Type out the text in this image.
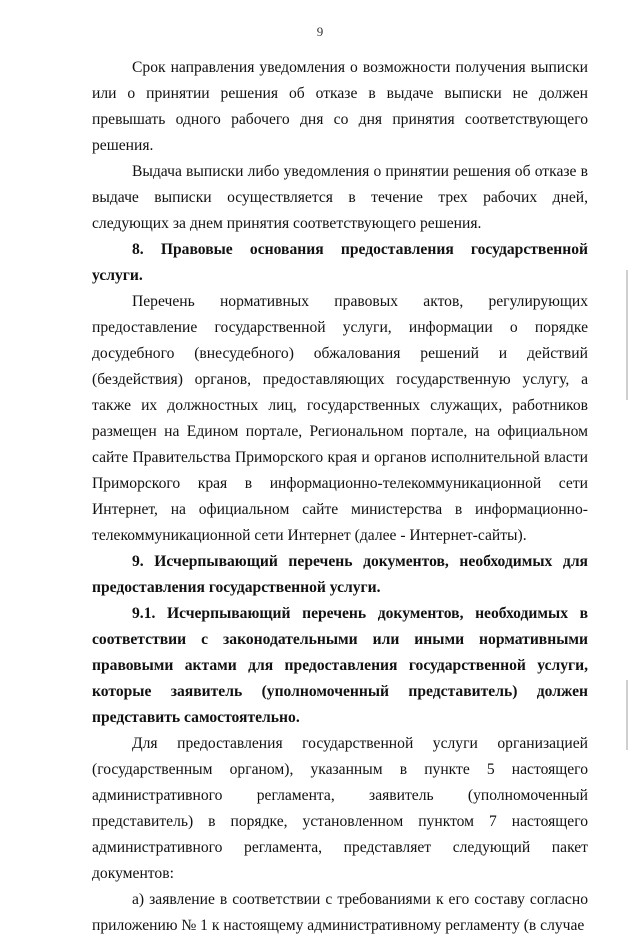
9

Срок направления уведомления о возможности получения выписки или о принятии решения об отказе в выдаче выписки не должен превышать одного рабочего дня со дня принятия соответствующего решения.

Выдача выписки либо уведомления о принятии решения об отказе в выдаче выписки осуществляется в течение трех рабочих дней, следующих за днем принятия соответствующего решения.

8. Правовые основания предоставления государственной услуги.

Перечень нормативных правовых актов, регулирующих предоставление государственной услуги, информации о порядке досудебного (внесудебного) обжалования решений и действий (бездействия) органов, предоставляющих государственную услугу, а также их должностных лиц, государственных служащих, работников размещен на Едином портале, Региональном портале, на официальном сайте Правительства Приморского края и органов исполнительной власти Приморского края в информационно-телекоммуникационной сети Интернет, на официальном сайте министерства в информационно-телекоммуникационной сети Интернет (далее - Интернет-сайты).

9. Исчерпывающий перечень документов, необходимых для предоставления государственной услуги.

9.1. Исчерпывающий перечень документов, необходимых в соответствии с законодательными или иными нормативными правовыми актами для предоставления государственной услуги, которые заявитель (уполномоченный представитель) должен представить самостоятельно.

Для предоставления государственной услуги организацией (государственным органом), указанным в пункте 5 настоящего административного регламента, заявитель (уполномоченный представитель) в порядке, установленном пунктом 7 настоящего административного регламента, представляет следующий пакет документов:

а) заявление в соответствии с требованиями к его составу согласно приложению № 1 к настоящему административному регламенту (в случае
